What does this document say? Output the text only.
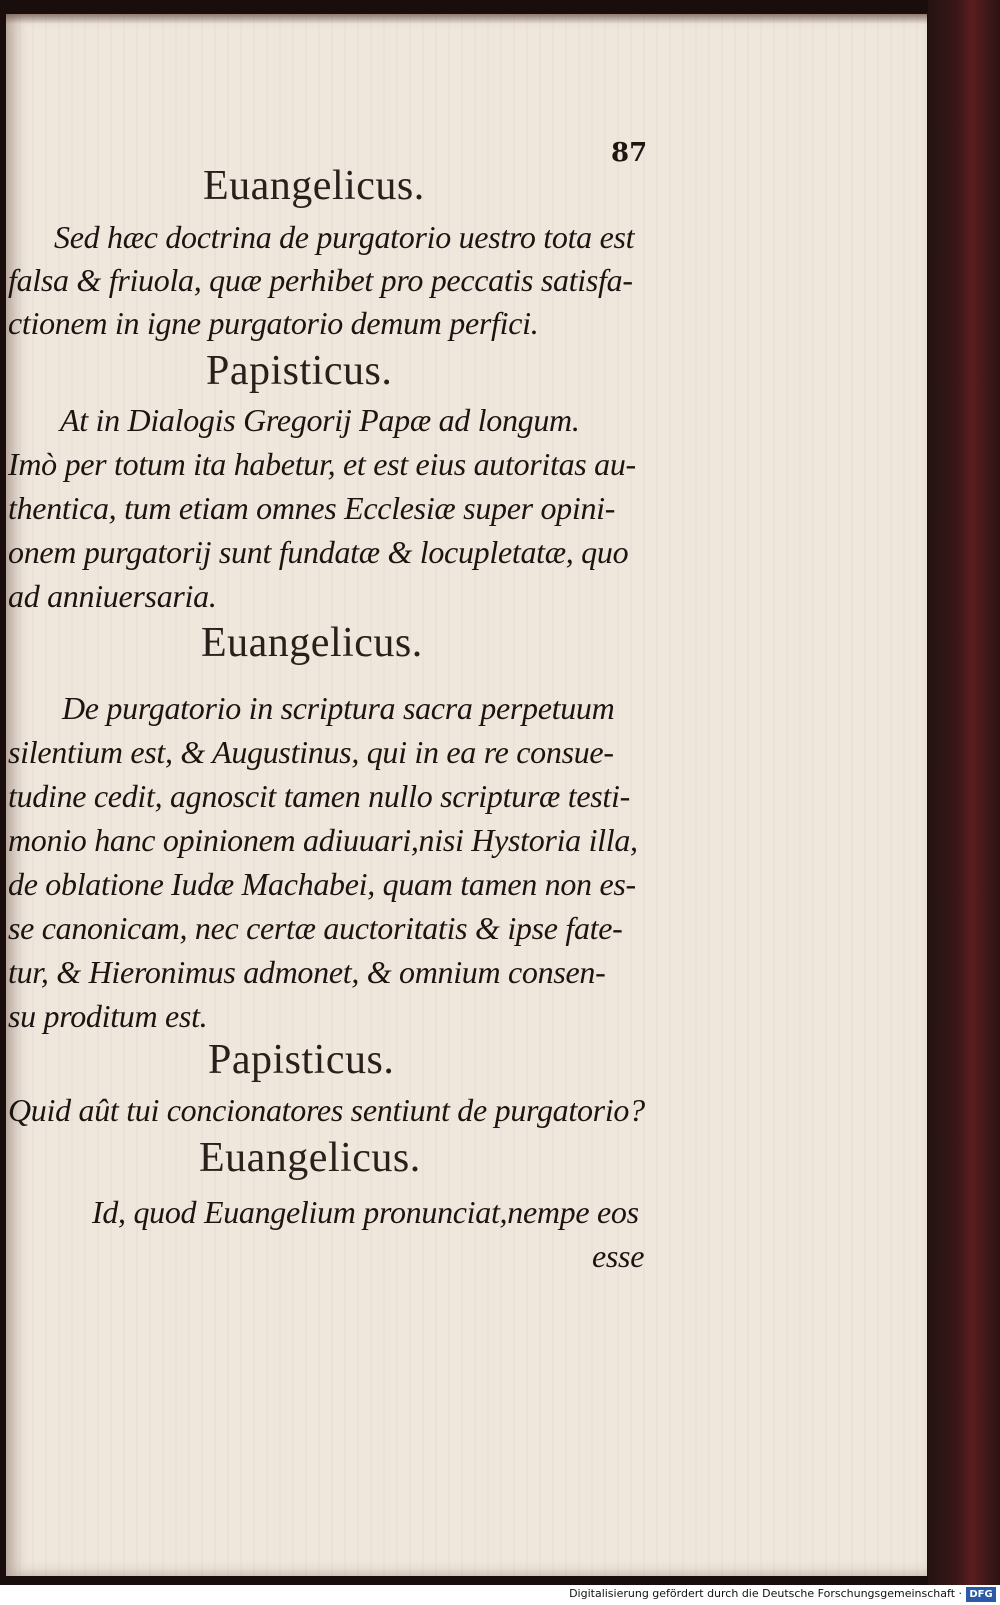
87
Euangelicus.
Sed hæc doctrina de purgatorio uestro tota est
falsa & friuola, quæ perhibet pro peccatis satisfa-
ctionem in igne purgatorio demum perfici.
Papisticus.
At in Dialogis Gregorij Papæ ad longum.
Imò per totum ita habetur, et est eius autoritas au-
thentica, tum etiam omnes Ecclesiæ super opini-
onem purgatorij sunt fundatæ & locupletatæ, quo
ad anniuersaria.
Euangelicus.
De purgatorio in scriptura sacra perpetuum
silentium est, & Augustinus, qui in ea re consue-
tudine cedit, agnoscit tamen nullo scripturæ testi-
monio hanc opinionem adiuuari,nisi Hystoria illa,
de oblatione Iudæ Machabei, quam tamen non es-
se canonicam, nec certæ auctoritatis & ipse fate-
tur, & Hieronimus admonet, & omnium consen-
su proditum est.
Papisticus.
Quid aût tui concionatores sentiunt de purgatorio?
Euangelicus.
Id, quod Euangelium pronunciat,nempe eos
esse
Digitalisierung gefördert durch die Deutsche Forschungsgemeinschaft · DFG
